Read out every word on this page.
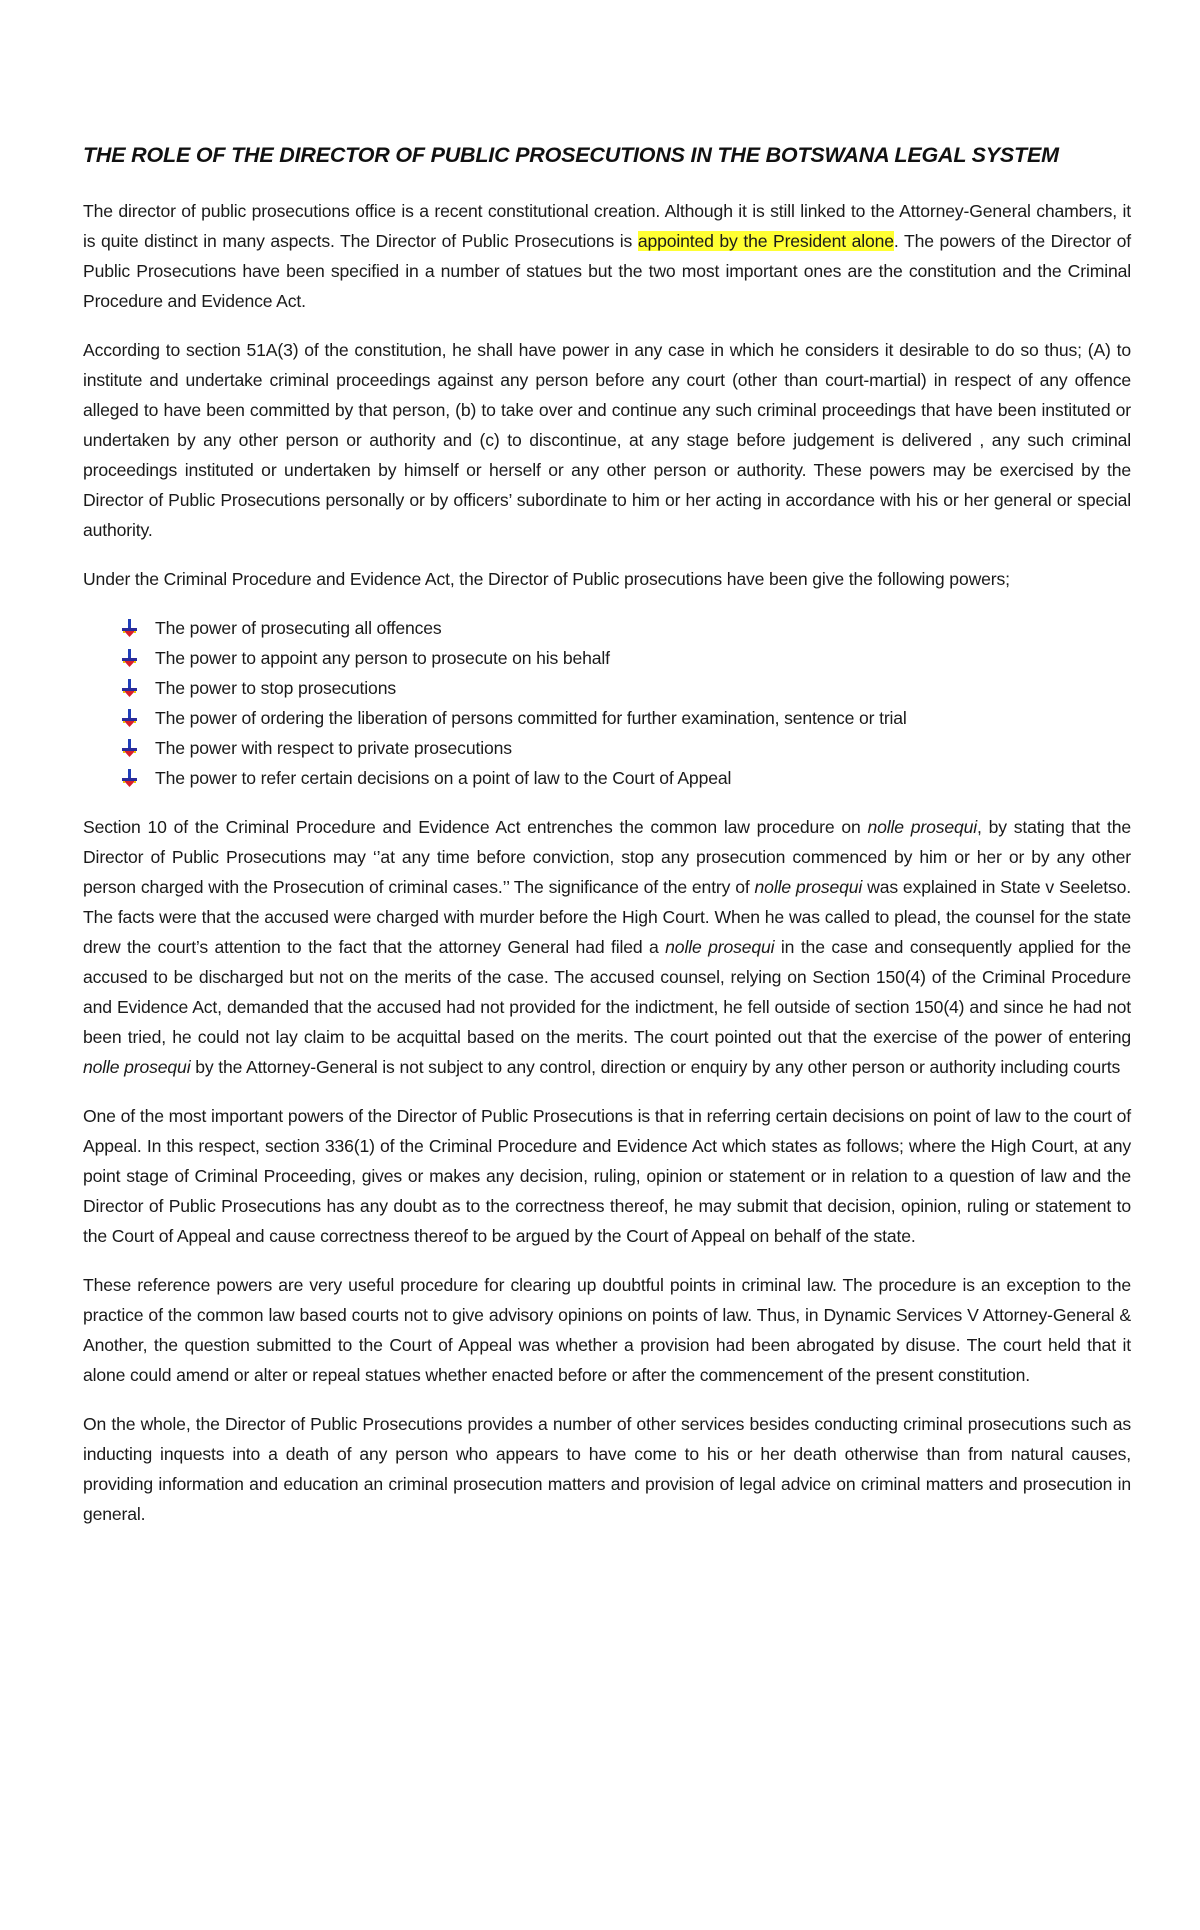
THE ROLE OF THE DIRECTOR OF PUBLIC PROSECUTIONS IN THE BOTSWANA LEGAL SYSTEM

The director of public prosecutions office is a recent constitutional creation. Although it is still linked to the Attorney-General chambers, it is quite distinct in many aspects. The Director of Public Prosecutions is appointed by the President alone. The powers of the Director of Public Prosecutions have been specified in a number of statues but the two most important ones are the constitution and the Criminal Procedure and Evidence Act.

According to section 51A(3) of the constitution, he shall have power in any case in which he considers it desirable to do so thus; (A) to institute and undertake criminal proceedings against any person before any court (other than court-martial) in respect of any offence alleged to have been committed by that person, (b) to take over and continue any such criminal proceedings that have been instituted or undertaken by any other person or authority and (c) to discontinue, at any stage before judgement is delivered , any such criminal proceedings instituted or undertaken by himself or herself or any other person or authority. These powers may be exercised by the Director of Public Prosecutions personally or by officers’ subordinate to him or her acting in accordance with his or her general or special authority.

Under the Criminal Procedure and Evidence Act, the Director of Public prosecutions have been give the following powers;

The power of prosecuting all offences
The power to appoint any person to prosecute on his behalf
The power to stop prosecutions
The power of ordering the liberation of persons committed for further examination, sentence or trial
The power with respect to private prosecutions
The power to refer certain decisions on a point of law to the Court of Appeal

Section 10 of the Criminal Procedure and Evidence Act entrenches the common law procedure on nolle prosequi, by stating that the Director of Public Prosecutions may ‘’at any time before conviction, stop any prosecution commenced by him or her or by any other person charged with the Prosecution of criminal cases.’’ The significance of the entry of nolle prosequi was explained in State v Seeletso. The facts were that the accused were charged with murder before the High Court. When he was called to plead, the counsel for the state drew the court’s attention to the fact that the attorney General had filed a nolle prosequi in the case and consequently applied for the accused to be discharged but not on the merits of the case. The accused counsel, relying on Section 150(4) of the Criminal Procedure and Evidence Act, demanded that the accused had not provided for the indictment, he fell outside of section 150(4) and since he had not been tried, he could not lay claim to be acquittal based on the merits. The court pointed out that the exercise of the power of entering nolle prosequi by the Attorney-General is not subject to any control, direction or enquiry by any other person or authority including courts

One of the most important powers of the Director of Public Prosecutions is that in referring certain decisions on point of law to the court of Appeal. In this respect, section 336(1) of the Criminal Procedure and Evidence Act which states as follows; where the High Court, at any point stage of Criminal Proceeding, gives or makes any decision, ruling, opinion or statement or in relation to a question of law and the Director of Public Prosecutions has any doubt as to the correctness thereof, he may submit that decision, opinion, ruling or statement to the Court of Appeal and cause correctness thereof to be argued by the Court of Appeal on behalf of the state.

These reference powers are very useful procedure for clearing up doubtful points in criminal law. The procedure is an exception to the practice of the common law based courts not to give advisory opinions on points of law. Thus, in Dynamic Services V Attorney-General & Another, the question submitted to the Court of Appeal was whether a provision had been abrogated by disuse. The court held that it alone could amend or alter or repeal statues whether enacted before or after the commencement of the present constitution.

On the whole, the Director of Public Prosecutions provides a number of other services besides conducting criminal prosecutions such as inducting inquests into a death of any person who appears to have come to his or her death otherwise than from natural causes, providing information and education an criminal prosecution matters and provision of legal advice on criminal matters and prosecution in general.
